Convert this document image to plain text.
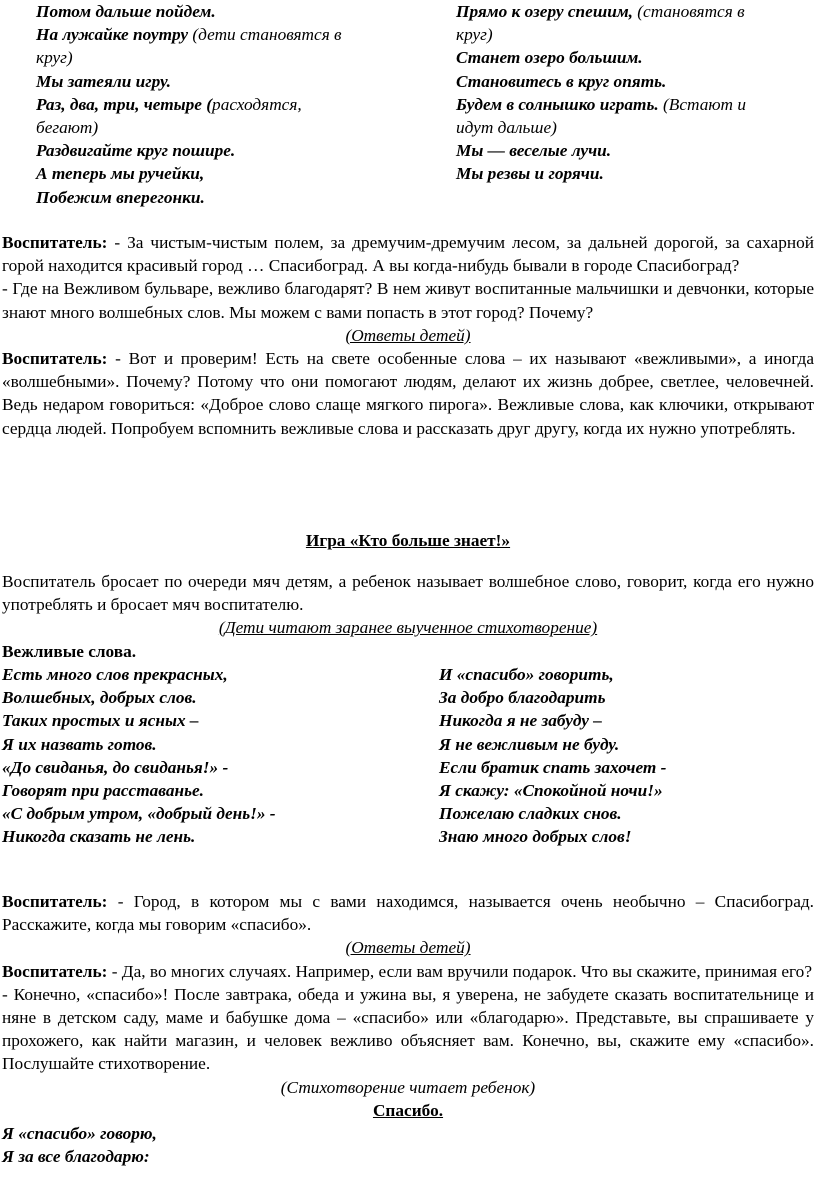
Потом дальше пойдем.

На лужайке поутру (дети становятся в

круг)

Мы затеяли игру.

Раз, два, три, четыре (расходятся,

бегают)

Раздвигайте круг пошире.

А теперь мы ручейки,

Побежим вперегонки.

Прямо к озеру спешим, (становятся в

круг)

Станет озеро большим.

Становитесь в круг опять.

Будем в солнышко играть. (Встают и

идут дальше)

Мы — веселые лучи.

Мы резвы и горячи.

Воспитатель: - За чистым-чистым полем, за дремучим-дремучим лесом, за дальней дорогой, за сахарной горой находится красивый город … Спасибоград. А вы когда-нибудь бывали в городе Спасибоград?

- Где на Вежливом бульваре, вежливо благодарят? В нем живут воспитанные мальчишки и девчонки, которые знают много волшебных слов. Мы можем с вами попасть в этот город? Почему?

(Ответы детей)

Воспитатель: - Вот и проверим! Есть на свете особенные слова – их называют «вежливыми», а иногда «волшебными». Почему? Потому что они помогают людям, делают их жизнь добрее, светлее, человечней. Ведь недаром говориться: «Доброе слово слаще мягкого пирога». Вежливые слова, как ключики, открывают сердца людей. Попробуем вспомнить вежливые слова и рассказать друг другу, когда их нужно употреблять.

Игра «Кто больше знает!»

Воспитатель бросает по очереди мяч детям, а ребенок называет волшебное слово, говорит, когда его нужно употреблять и бросает мяч воспитателю.

(Дети читают заранее выученное стихотворение)

Вежливые слова.

Есть много слов прекрасных,

Волшебных, добрых слов.

Таких простых и ясных –

Я их назвать готов.

«До свиданья, до свиданья!» -

Говорят при расставанье.

«С добрым утром, «добрый день!» -

Никогда сказать не лень.

И «спасибо» говорить,

За добро благодарить

Никогда я не забуду –

Я не вежливым не буду.

Если братик спать захочет -

Я скажу: «Спокойной ночи!»

Пожелаю сладких снов.

Знаю много добрых слов!

Воспитатель: - Город, в котором мы с вами находимся, называется очень необычно – Спасибоград. Расскажите, когда мы говорим «спасибо».

(Ответы детей)

Воспитатель: - Да, во многих случаях. Например, если вам вручили подарок. Что вы скажите, принимая его?

- Конечно, «спасибо»! После завтрака, обеда и ужина вы, я уверена, не забудете сказать воспитательнице и няне в детском саду, маме и бабушке дома – «спасибо» или «благодарю». Представьте, вы спрашиваете у прохожего, как найти магазин, и человек вежливо объясняет вам. Конечно, вы, скажите ему «спасибо». Послушайте стихотворение.

(Стихотворение читает ребенок)

Спасибо.

Я «спасибо» говорю,

Я за все благодарю:
